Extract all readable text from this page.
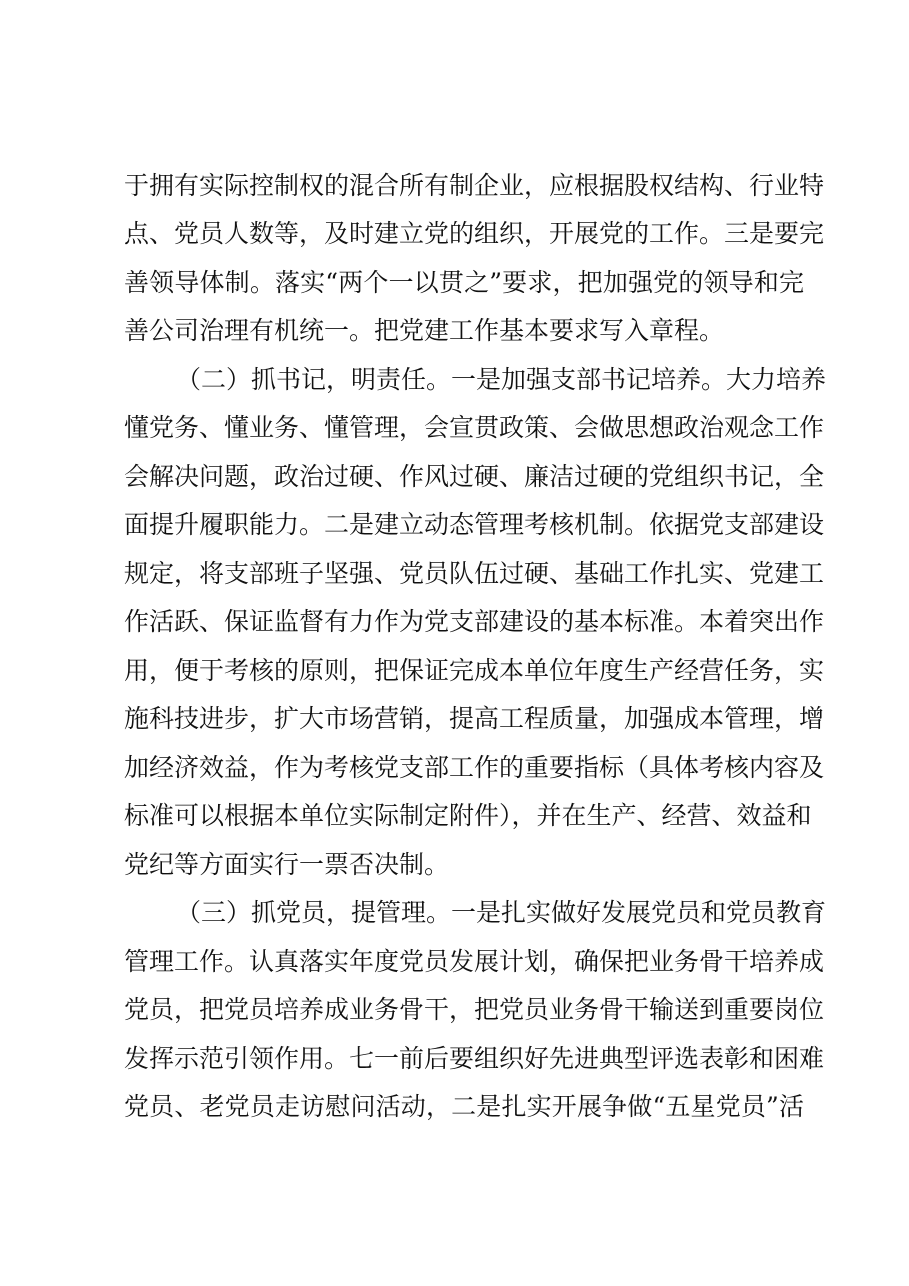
于拥有实际控制权的混合所有制企业，应根据股权结构、行业特
点、党员人数等，及时建立党的组织，开展党的工作。三是要完
善领导体制。落实“两个一以贯之”要求，把加强党的领导和完
善公司治理有机统一。把党建工作基本要求写入章程。
（二）抓书记，明责任。一是加强支部书记培养。大力培养
懂党务、懂业务、懂管理，会宣贯政策、会做思想政治观念工作
会解决问题，政治过硬、作风过硬、廉洁过硬的党组织书记，全
面提升履职能力。二是建立动态管理考核机制。依据党支部建设
规定，将支部班子坚强、党员队伍过硬、基础工作扎实、党建工
作活跃、保证监督有力作为党支部建设的基本标准。本着突出作
用，便于考核的原则，把保证完成本单位年度生产经营任务，实
施科技进步，扩大市场营销，提高工程质量，加强成本管理，增
加经济效益，作为考核党支部工作的重要指标（具体考核内容及
标准可以根据本单位实际制定附件），并在生产、经营、效益和
党纪等方面实行一票否决制。
（三）抓党员，提管理。一是扎实做好发展党员和党员教育
管理工作。认真落实年度党员发展计划，确保把业务骨干培养成
党员，把党员培养成业务骨干，把党员业务骨干输送到重要岗位
发挥示范引领作用。七一前后要组织好先进典型评选表彰和困难
党员、老党员走访慰问活动，二是扎实开展争做“五星党员”活
